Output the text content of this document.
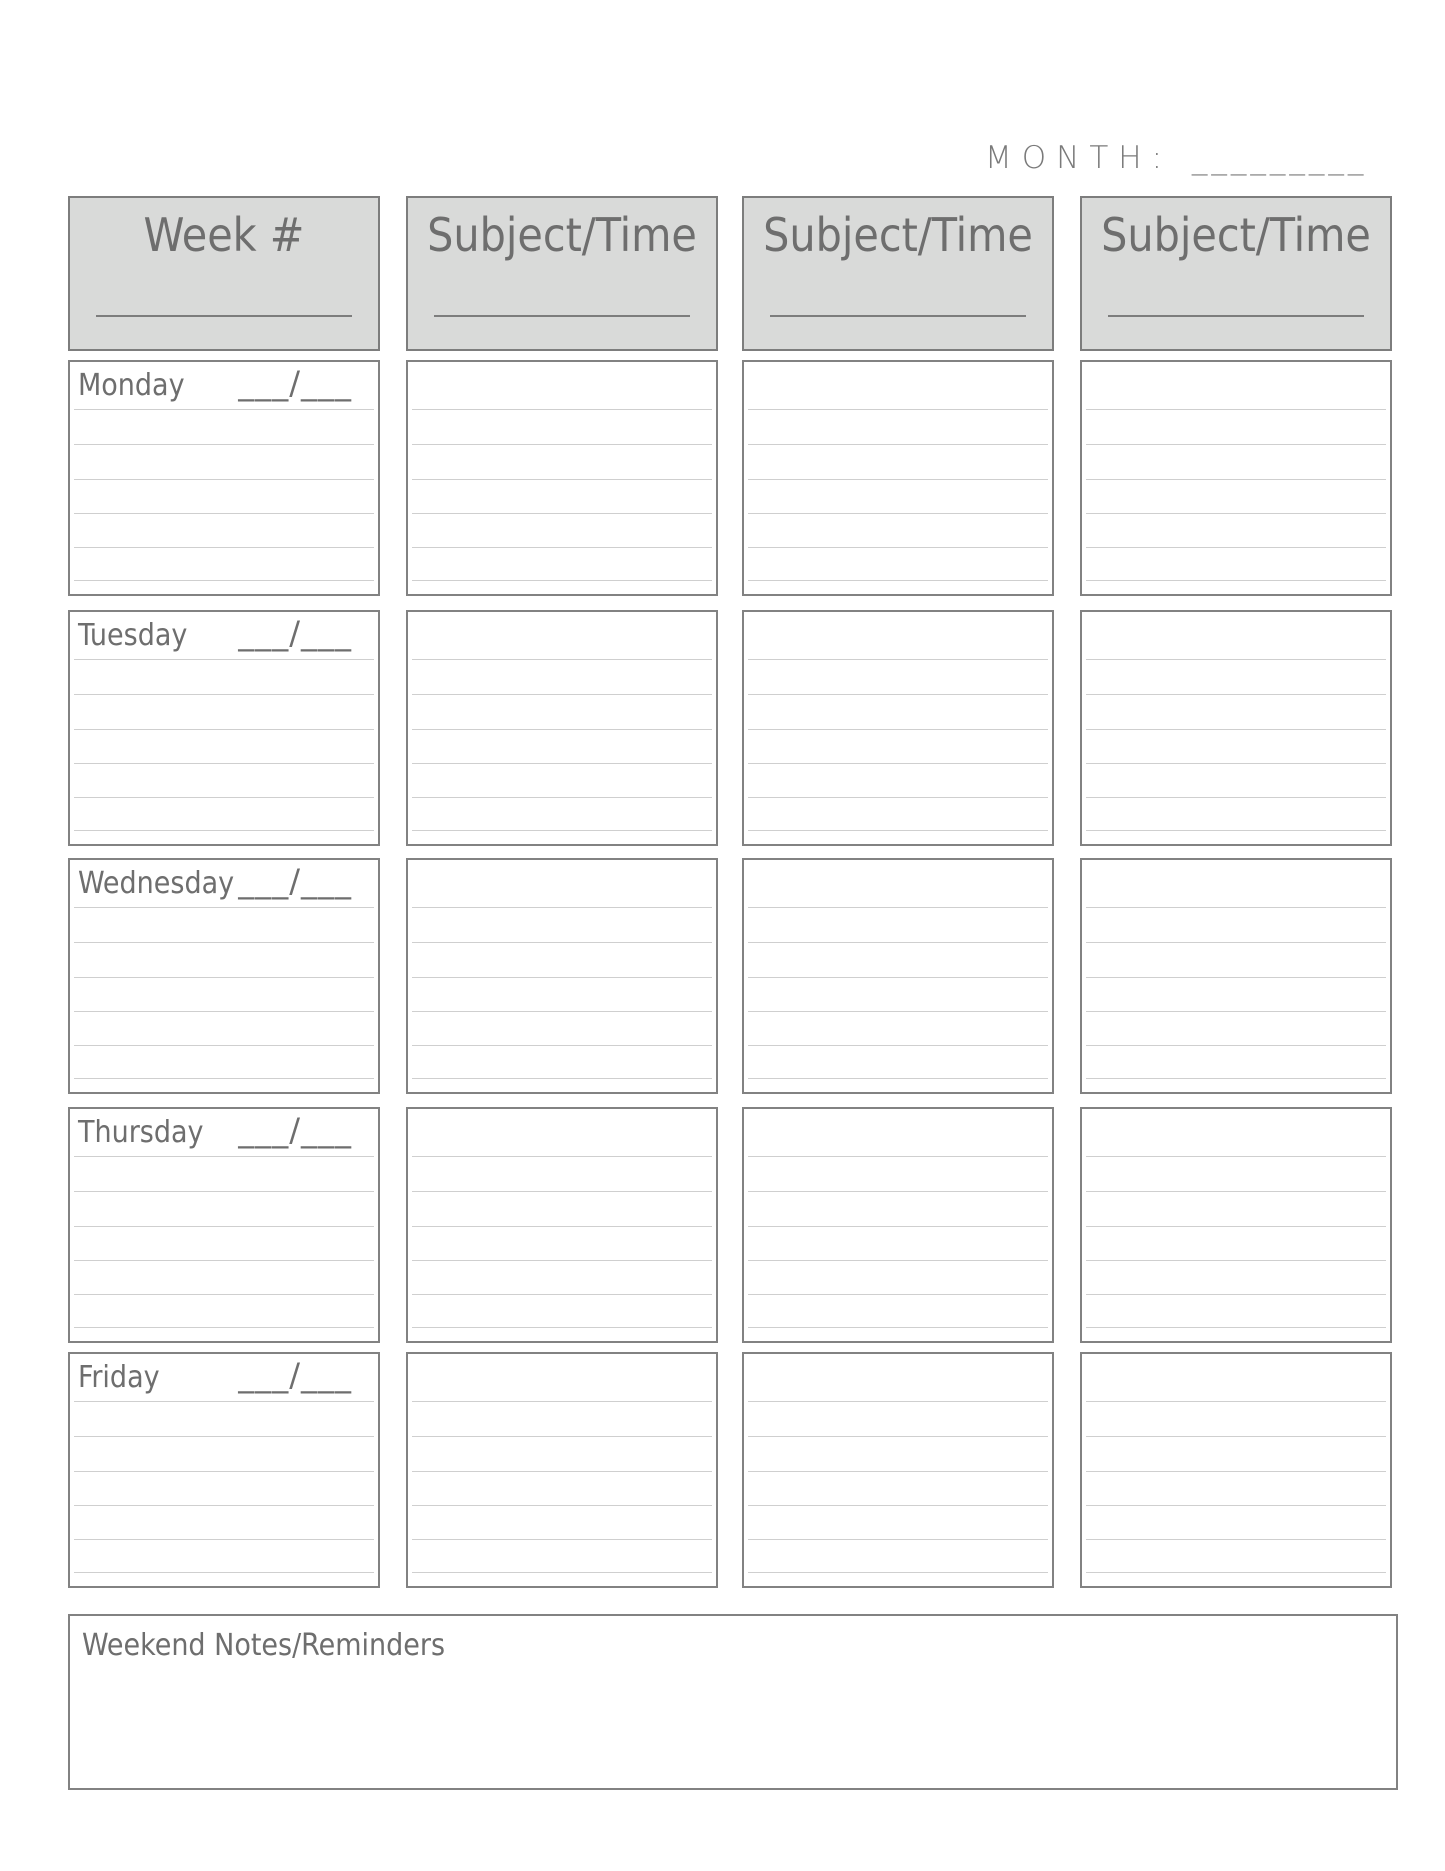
MONTH: _________
Week #	Subject/Time	Subject/Time	Subject/Time
Monday ___/___
Tuesday ___/___
Wednesday ___/___
Thursday ___/___
Friday ___/___
Weekend Notes/Reminders
